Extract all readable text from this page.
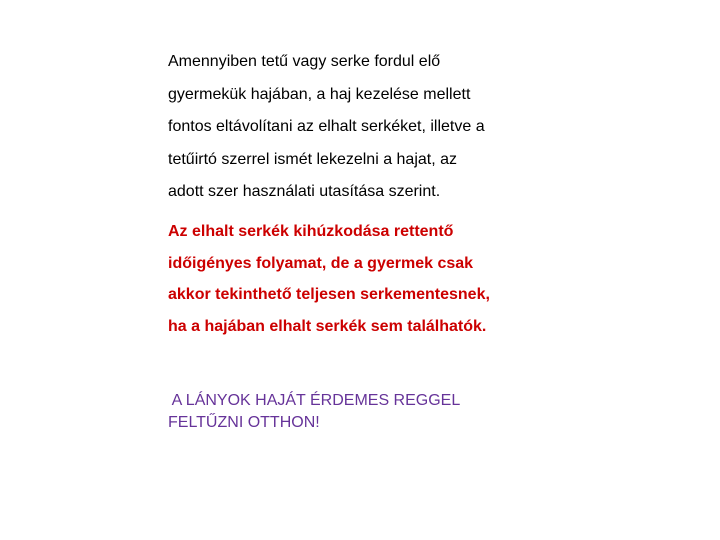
Amennyiben tetű vagy serke fordul elő
gyermekük hajában, a haj kezelése mellett
fontos eltávolítani az elhalt serkéket, illetve a
tetűirtó szerrel ismét lekezelni a hajat, az
adott szer használati utasítása szerint.

Az elhalt serkék kihúzkodása rettentő
időigényes folyamat, de a gyermek csak
akkor tekinthető teljesen serkementesnek,
ha a hajában elhalt serkék sem találhatók.

A LÁNYOK HAJÁT ÉRDEMES REGGEL
FELTŰZNI OTTHON!
